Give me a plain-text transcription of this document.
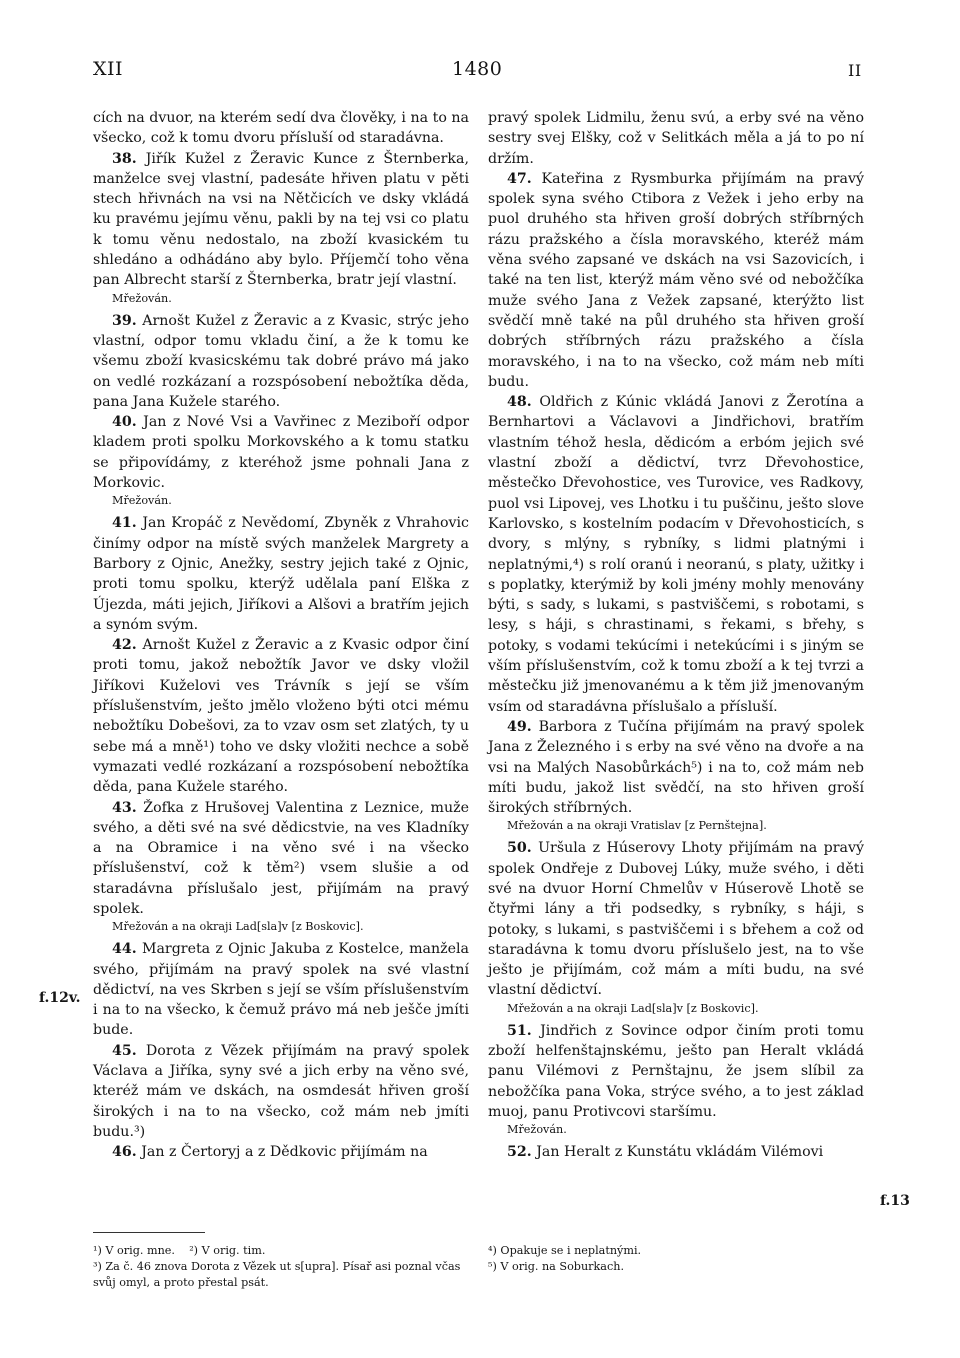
XII	1480	II

cích na dvuor, na kterém sedí dva člověky, i na to na všecko, což k tomu dvoru přísluší od staradávna.

38. Jiřík Kužel z Žeravic Kunce z Šternberka, manželce svej vlastní, padesáte hřiven platu v pěti stech hřivnách na vsi na Nětčicích ve dsky vkládá ku pravému jejímu věnu, pakli by na tej vsi co platu k tomu věnu nedostalo, na zboží kvasickém tu shledáno a odhádáno aby bylo. Příjemčí toho věna pan Albrecht starší z Šternberka, bratr její vlastní.

Mřežován.

39. Arnošt Kužel z Žeravic a z Kvasic, strýc jeho vlastní, odpor tomu vkladu činí, a že k tomu ke všemu zboží kvasicskému tak dobré právo má jako on vedlé rozkázaní a rozspósobení nebožtíka děda, pana Jana Kužele starého.

40. Jan z Nové Vsi a Vavřinec z Meziboří odpor kladem proti spolku Morkovského a k tomu statku se připovídámy, z kteréhož jsme pohnali Jana z Morkovic.

Mřežován.

41. Jan Kropáč z Nevědomí, Zbyněk z Vhrahovic činímy odpor na místě svých manželek Margrety a Barbory z Ojnic, Anežky, sestry jejich také z Ojnic, proti tomu spolku, kterýž udělala paní Elška z Újezda, máti jejich, Jiříkovi a Alšovi a bratřím jejich a synóm svým.

42. Arnošt Kužel z Žeravic a z Kvasic odpor činí proti tomu, jakož nebožtík Javor ve dsky vložil Jiříkovi Kuželovi ves Trávník s její se vším příslušenstvím, ješto jmělo vloženo býti otci mému nebožtíku Dobešovi, za to vzav osm set zlatých, ty u sebe má a mně¹) toho ve dsky vložiti nechce a sobě vymazati vedlé rozkázaní a rozspósobení nebožtíka děda, pana Kužele starého.

43. Žofka z Hrušovej Valentina z Leznice, muže svého, a děti své na své dědicstvie, na ves Kladníky a na Obramice i na věno své i na všecko příslušenství, což k těm²) vsem slušie a od staradávna příslušalo jest, přijímám na pravý spolek.

Mřežován a na okraji Lad[sla]v [z Boskovic].

44. Margreta z Ojnic Jakuba z Kostelce, manžela svého, přijímám na pravý spolek na své vlastní dědictví, na ves Skrben s její se vším příslušenstvím i na to na všecko, k čemuž právo má neb ješče jmíti bude.

45. Dorota z Vězek přijímám na pravý spolek Václava a Jiříka, syny své a jich erby na věno své, kteréž mám ve dskách, na osmdesát hřiven groší širokých i na to na všecko, což mám neb jmíti budu.³)

46. Jan z Čertoryj a z Dědkovic přijímám na

pravý spolek Lidmilu, ženu svú, a erby své na věno sestry svej Elšky, což v Selitkách měla a já to po ní držím.

47. Kateřina z Rysmburka přijímám na pravý spolek syna svého Ctibora z Vežek i jeho erby na puol druhého sta hřiven groší dobrých stříbrných rázu pražského a čísla moravského, kteréž mám věna svého zapsané ve dskách na vsi Sazovicích, i také na ten list, kterýž mám věno své od nebožčíka muže svého Jana z Vežek zapsané, kterýžto list svědčí mně také na půl druhého sta hřiven groší dobrých stříbrných rázu pražského a čísla moravského, i na to na všecko, což mám neb míti budu.

48. Oldřich z Kúnic vkládá Janovi z Žerotína a Bernhartovi a Václavovi a Jindřichovi, bratřím vlastním téhož hesla, dědicóm a erbóm jejich své vlastní zboží a dědictví, tvrz Dřevohostice, městečko Dřevohostice, ves Turovice, ves Radkovy, puol vsi Lipovej, ves Lhotku i tu puščinu, ješto slove Karlovsko, s kostelním podacím v Dřevohosticích, s dvory, s mlýny, s rybníky, s lidmi platnými i neplatnými,⁴) s rolí oranú i neoranú, s platy, užitky i s poplatky, kterýmiž by koli jmény mohly menovány býti, s sady, s lukami, s pastviščemi, s robotami, s lesy, s háji, s chrastinami, s řekami, s břehy, s potoky, s vodami tekúcími i netekúcími i s jiným se vším příslušenstvím, což k tomu zboží a k tej tvrzi a městečku již jmenovanému a k těm již jmenovaným vsím od staradávna příslušalo a přísluší.

49. Barbora z Tučína přijímám na pravý spolek Jana z Železného i s erby na své věno na dvoře a na vsi na Malých Nasobůrkách⁵) i na to, což mám neb míti budu, jakož list svědčí, na sto hřiven groší širokých stříbrných.

Mřežován a na okraji Vratislav [z Pernštejna].

50. Uršula z Húserovy Lhoty přijímám na pravý spolek Ondřeje z Dubovej Lúky, muže svého, i děti své na dvuor Horní Chmelův v Húserově Lhotě se čtyřmi lány a tři podsedky, s rybníky, s háji, s potoky, s lukami, s pastviščemi i s břehem a což od staradávna k tomu dvoru příslušelo jest, na to vše ješto je přijímám, což mám a míti budu, na své vlastní dědictví.

Mřežován a na okraji Lad[sla]v [z Boskovic].

51. Jindřich z Sovince odpor činím proti tomu zboží helfenštajnskému, ješto pan Heralt vkládá panu Vilémovi z Pernštajnu, že jsem slíbil za nebožčíka pana Voka, strýce svého, a to jest základ muoj, panu Protivcovi staršímu.

Mřežován.

52. Jan Heralt z Kunstátu vkládám Vilémovi

f.12v.
f.13
¹) V orig. mne.    ²) V orig. tim.
³) Za č. 46 znova Dorota z Vězek ut s[upra]. Písař asi poznal včas svůj omyl, a proto přestal psát.
⁴) Opakuje se i neplatnými.
⁵) V orig. na Soburkach.
